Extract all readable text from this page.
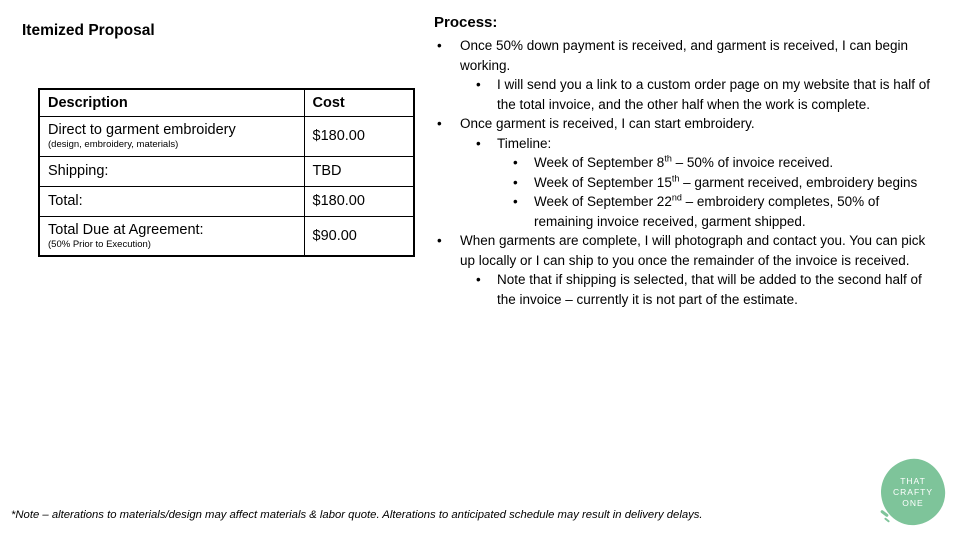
Itemized Proposal
Description	Cost

Direct to garment embroidery
(design, embroidery, materials)	$180.00

Shipping:	TBD

Total:	$180.00

Total Due at Agreement:
(50% Prior to Execution)	$90.00
Process:
•	Once 50% down payment is received, and garment is received, I can begin working.
•	I will send you a link to a custom order page on my website that is half of the total invoice, and the other half when the work is complete.
•	Once garment is received, I can start embroidery.
•	Timeline:
•	Week of September 8th – 50% of invoice received.
•	Week of September 15th – garment received, embroidery begins
•	Week of September 22nd – embroidery completes, 50% of remaining invoice received, garment shipped.
•	When garments are complete, I will photograph and contact you. You can pick up locally or I can ship to you once the remainder of the invoice is received.
•	Note that if shipping is selected, that will be added to the second half of the invoice – currently it is not part of the estimate.

*Note – alterations to materials/design may affect materials & labor quote. Alterations to anticipated schedule may result in delivery delays.

THAT
CRAFTY
ONE
